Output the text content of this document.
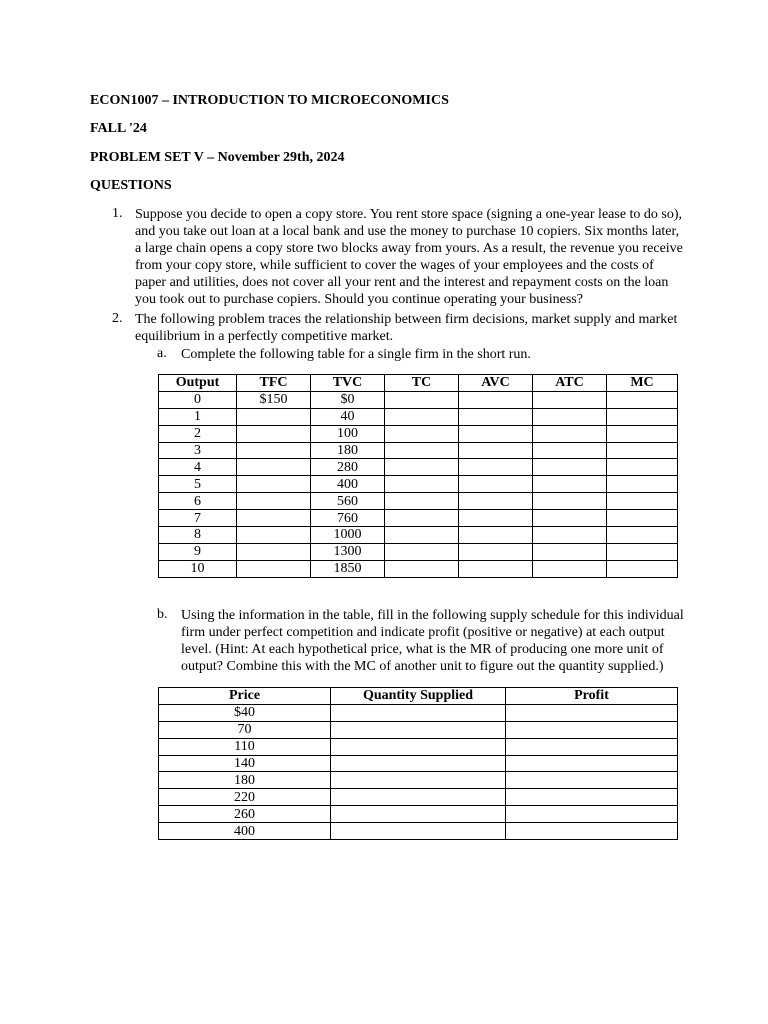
ECON1007 – INTRODUCTION TO MICROECONOMICS
FALL '24
PROBLEM SET V – November 29th, 2024
QUESTIONS
1. Suppose you decide to open a copy store. You rent store space (signing a one-year lease to do so),
and you take out loan at a local bank and use the money to purchase 10 copiers. Six months later,
a large chain opens a copy store two blocks away from yours. As a result, the revenue you receive
from your copy store, while sufficient to cover the wages of your employees and the costs of
paper and utilities, does not cover all your rent and the interest and repayment costs on the loan
you took out to purchase copiers. Should you continue operating your business?
2. The following problem traces the relationship between firm decisions, market supply and market
equilibrium in a perfectly competitive market.
a. Complete the following table for a single firm in the short run.
Output	TFC	TVC	TC	AVC	ATC	MC
0	$150	$0				
1		40				
2		100				
3		180				
4		280				
5		400				
6		560				
7		760				
8		1000				
9		1300				
10		1850				
b. Using the information in the table, fill in the following supply schedule for this individual
firm under perfect competition and indicate profit (positive or negative) at each output
level. (Hint: At each hypothetical price, what is the MR of producing one more unit of
output? Combine this with the MC of another unit to figure out the quantity supplied.)
Price	Quantity Supplied	Profit
$40		
70		
110		
140		
180		
220		
260		
400		
